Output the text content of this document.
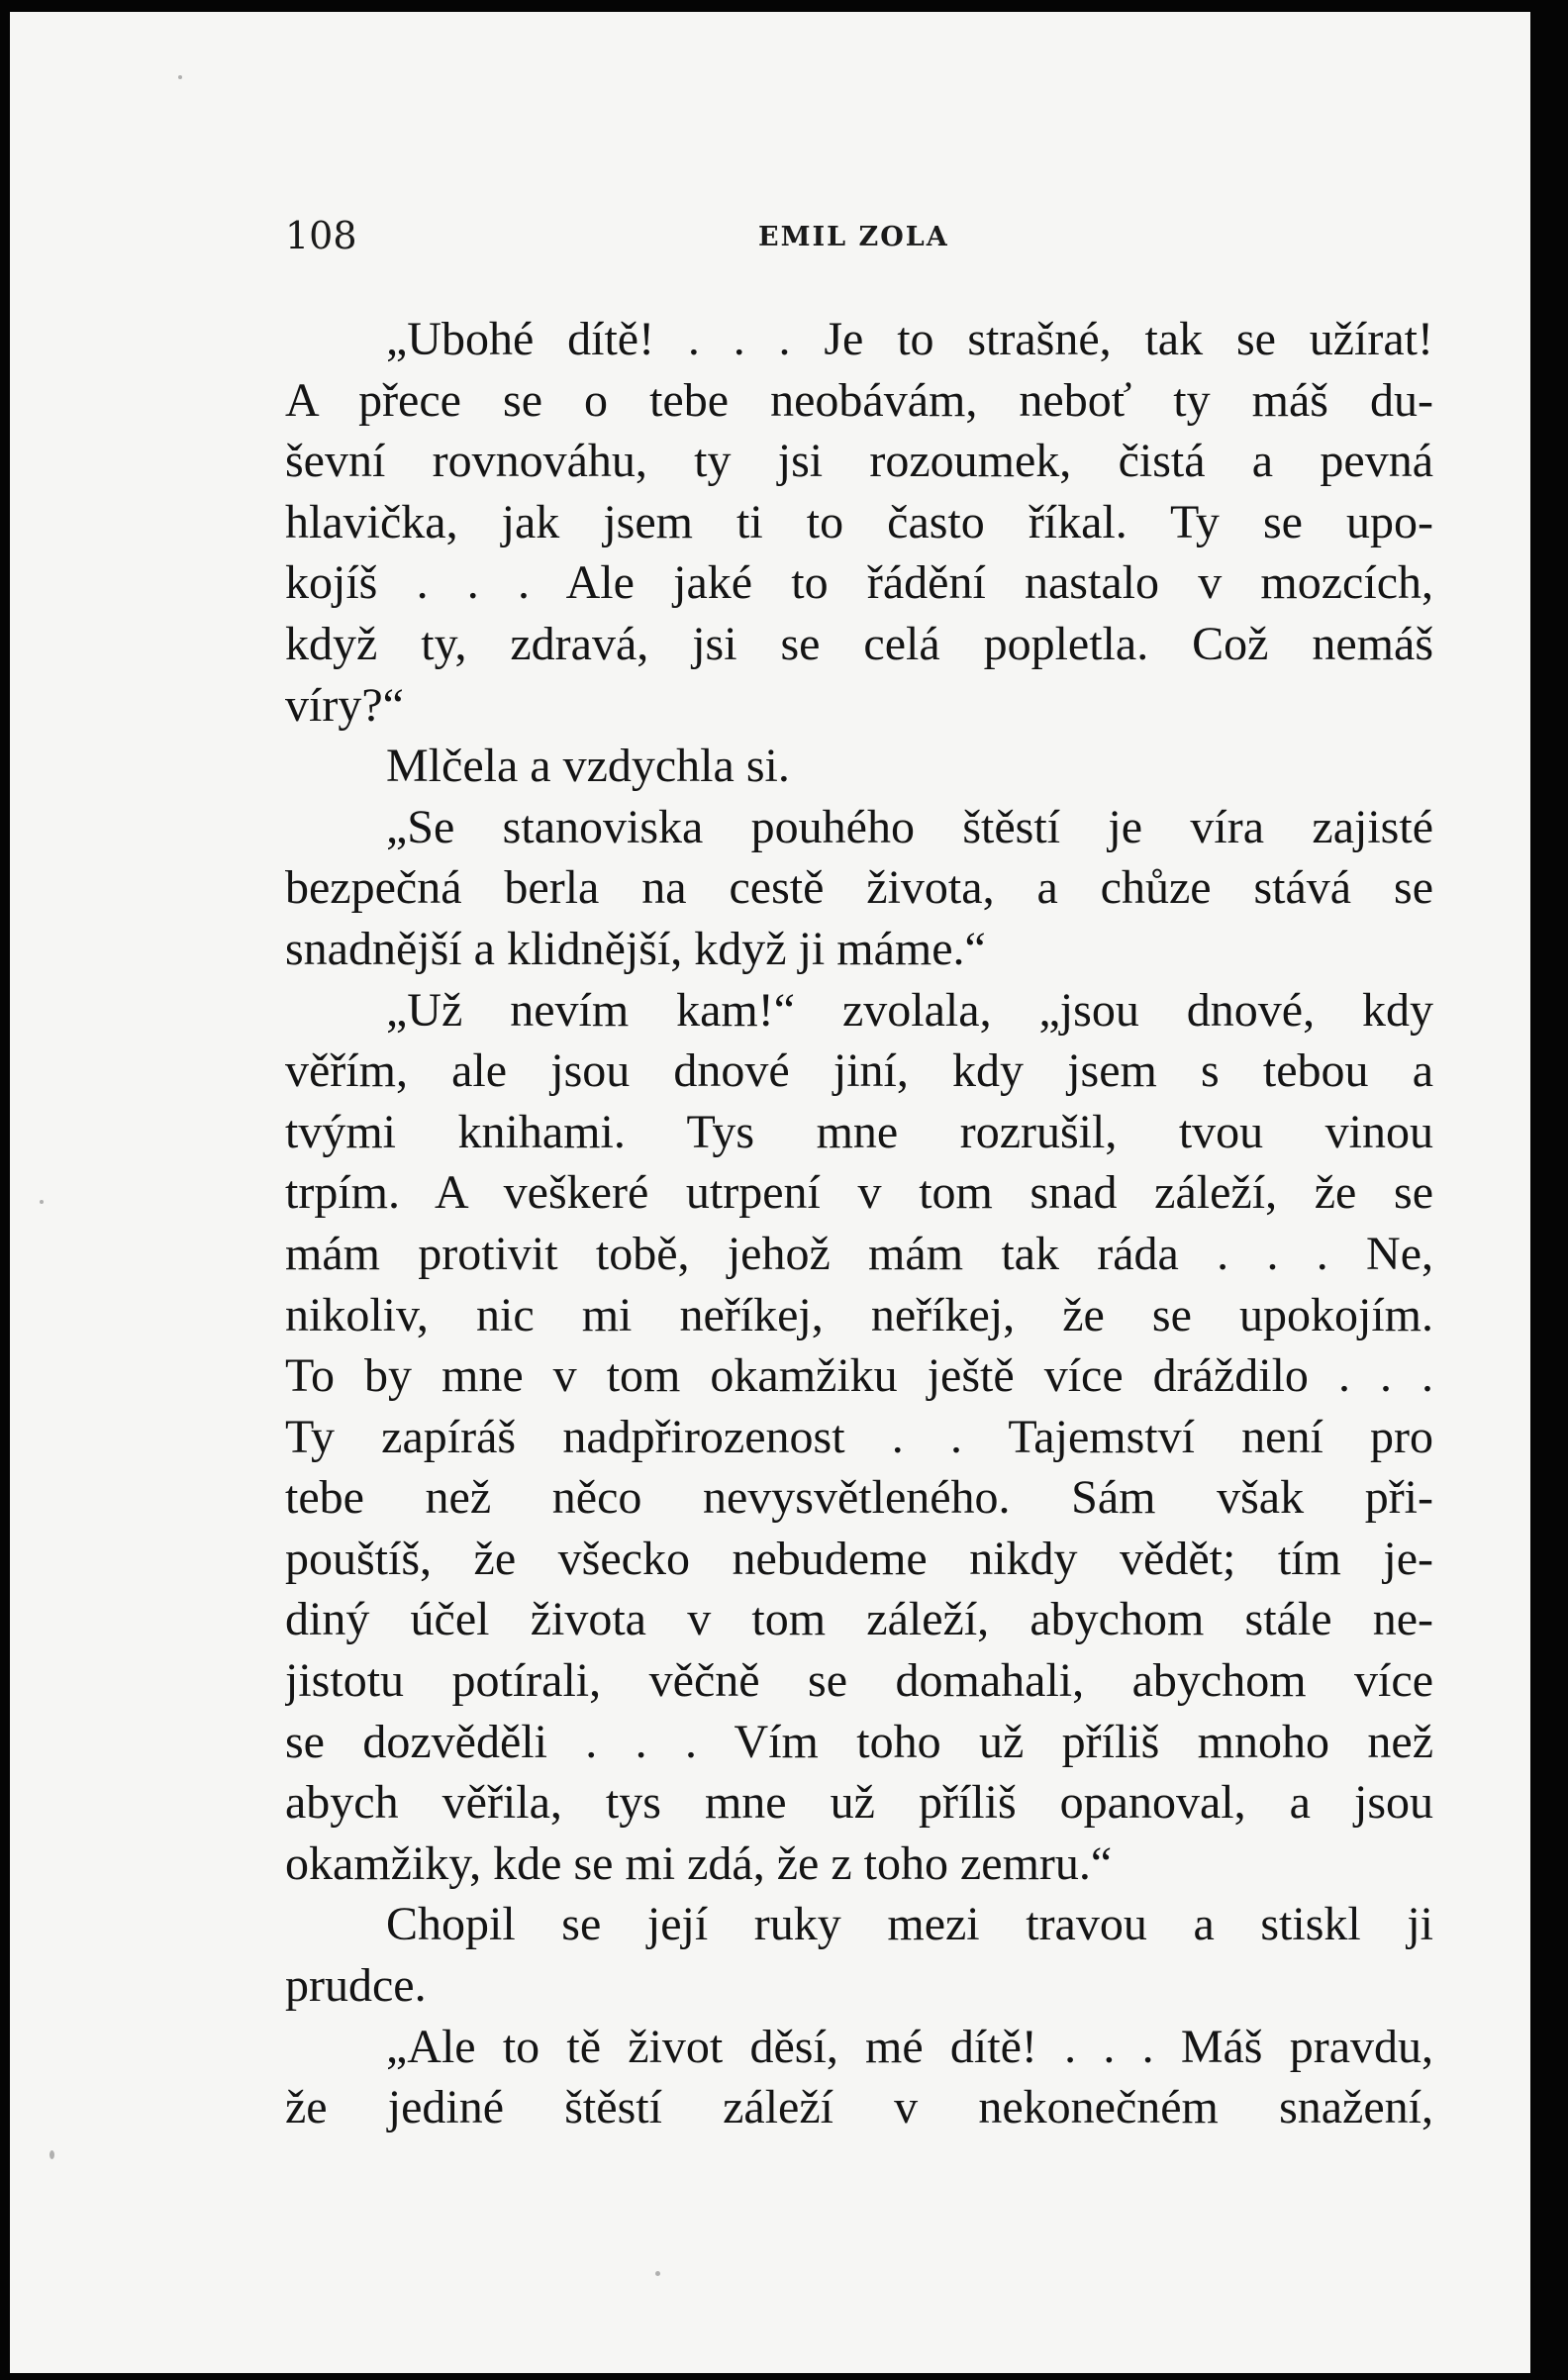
108	EMIL ZOLA
„Ubohé dítě! . . . Je to strašné, tak se užírat!
A přece se o tebe neobávám, neboť ty máš du-
ševní rovnováhu, ty jsi rozoumek, čistá a pevná
hlavička, jak jsem ti to často říkal. Ty se upo-
kojíš . . . Ale jaké to řádění nastalo v mozcích,
když ty, zdravá, jsi se celá popletla. Což nemáš
víry?“
Mlčela a vzdychla si.
„Se stanoviska pouhého štěstí je víra zajisté
bezpečná berla na cestě života, a chůze stává se
snadnější a klidnější, když ji máme.“
„Už nevím kam!“ zvolala, „jsou dnové, kdy
věřím, ale jsou dnové jiní, kdy jsem s tebou a
tvými knihami. Tys mne rozrušil, tvou vinou
trpím. A veškeré utrpení v tom snad záleží, že se
mám protivit tobě, jehož mám tak ráda . . . Ne,
nikoliv, nic mi neříkej, neříkej, že se upokojím.
To by mne v tom okamžiku ještě více dráždilo . . .
Ty zapíráš nadpřirozenost . . Tajemství není pro
tebe než něco nevysvětleného. Sám však při-
pouštíš, že všecko nebudeme nikdy vědět; tím je-
diný účel života v tom záleží, abychom stále ne-
jistotu potírali, věčně se domahali, abychom více
se dozvěděli . . . Vím toho už příliš mnoho než
abych věřila, tys mne už příliš opanoval, a jsou
okamžiky, kde se mi zdá, že z toho zemru.“
Chopil se její ruky mezi travou a stiskl ji
prudce.
„Ale to tě život děsí, mé dítě! . . . Máš pravdu,
že jediné štěstí záleží v nekonečném snažení,
